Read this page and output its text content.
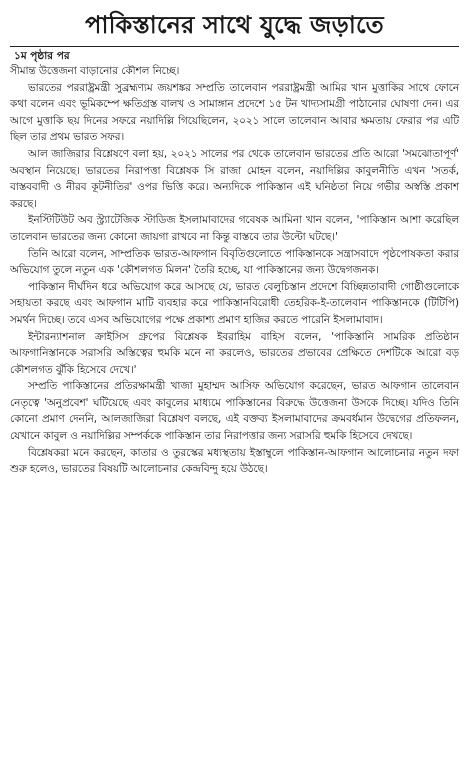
পাকিস্তানের সাথে যুদ্ধে জড়াতে
১ম পৃষ্ঠার পর

সীমান্ত উত্তেজনা বাড়ানোর কৌশল নিচ্ছে।

ভারতের পররাষ্ট্রমন্ত্রী সুব্রহ্মণ্যম জয়শঙ্কর সম্প্রতি তালেবান পররাষ্ট্রমন্ত্রী আমির খান মুত্তাকির সাথে ফোনে কথা বলেন এবং ভূমিকম্পে ক্ষতিগ্রস্ত বালখ ও সামাঙ্গান প্রদেশে ১৫ টন খাদ্যসামগ্রী পাঠানোর ঘোষণা দেন। এর আগে মুত্তাকি ছয় দিনের সফরে নয়াদিল্লি গিয়েছিলেন, ২০২১ সালে তালেবান আবার ক্ষমতায় ফেরার পর এটি ছিল তার প্রথম ভারত সফর।

আল জাজিরার বিশ্লেষণে বলা হয়, ২০২১ সালের পর থেকে তালেবান ভারতের প্রতি আরো 'সমঝোতাপূর্ণ' অবস্থান নিয়েছে। ভারতের নিরাপত্তা বিশ্লেষক সি রাজা মোহন বলেন, নয়াদিল্লির কাবুলনীতি এখন 'সতর্ক, বাস্তববাদী ও নীরব কূটনীতির' ওপর ভিত্তি করে। অন্যদিকে পাকিস্তান এই ঘনিষ্ঠতা নিয়ে গভীর অস্বস্তি প্রকাশ করছে।

ইনস্টিটিউট অব স্ট্র্যাটেজিক স্টাডিজ ইসলামাবাদের গবেষক আমিনা খান বলেন, 'পাকিস্তান আশা করেছিল তালেবান ভারতের জন্য কোনো জায়গা রাখবে না কিন্তু বাস্তবে তার উল্টো ঘটছে।'

তিনি আরো বলেন, সাম্প্রতিক ভারত-আফগান বিবৃতিগুলোতে পাকিস্তানকে সন্ত্রাসবাদে পৃষ্ঠপোষকতা করার অভিযোগ তুলে নতুন এক 'কৌশলগত মিলন' তৈরি হচ্ছে, যা পাকিস্তানের জন্য উদ্বেগজনক।

পাকিস্তান দীর্ঘদিন ধরে অভিযোগ করে আসছে যে, ভারত বেলুচিস্তান প্রদেশে বিচ্ছিন্নতাবাদী গোষ্ঠীগুলোকে সহায়তা করছে এবং আফগান মাটি ব্যবহার করে পাকিস্তানবিরোধী তেহরিক-ই-তালেবান পাকিস্তানকে (টিটিপি) সমর্থন দিচ্ছে। তবে এসব অভিযোগের পক্ষে প্রকাশ্য প্রমাণ হাজির করতে পারেনি ইসলামাবাদ।

ইন্টারন্যাশনাল ক্রাইসিস গ্রুপের বিশ্লেষক ইবরাহিম বাহিস বলেন, 'পাকিস্তানি সামরিক প্রতিষ্ঠান আফগানিস্তানকে সরাসরি অস্তিত্বের হুমকি মনে না করলেও, ভারতের প্রভাবের প্রেক্ষিতে দেশটিকে আরো বড় কৌশলগত ঝুঁকি হিসেবে দেখে।'

সম্প্রতি পাকিস্তানের প্রতিরক্ষামন্ত্রী খাজা মুহাম্মদ আসিফ অভিযোগ করেছেন, ভারত আফগান তালেবান নেতৃত্বে 'অনুপ্রবেশ' ঘটিয়েছে এবং কাবুলের মাধ্যমে পাকিস্তানের বিরুদ্ধে উত্তেজনা উসকে দিচ্ছে। যদিও তিনি কোনো প্রমাণ দেননি, আলজাজিরা বিশ্লেষণ বলছে, এই বক্তব্য ইসলামাবাদের ক্রমবর্ধমান উদ্বেগের প্রতিফলন, যেখানে কাবুল ও নয়াদিল্লির সম্পর্ককে পাকিস্তান তার নিরাপত্তার জন্য সরাসরি হুমকি হিসেবে দেখছে।

বিশ্লেষকরা মনে করছেন, কাতার ও তুরস্কের মধ্যস্থতায় ইস্তাম্বুলে পাকিস্তান-আফগান আলোচনার নতুন দফা শুরু হলেও, ভারতের বিষয়টি আলোচনার কেন্দ্রবিন্দু হয়ে উঠছে।
